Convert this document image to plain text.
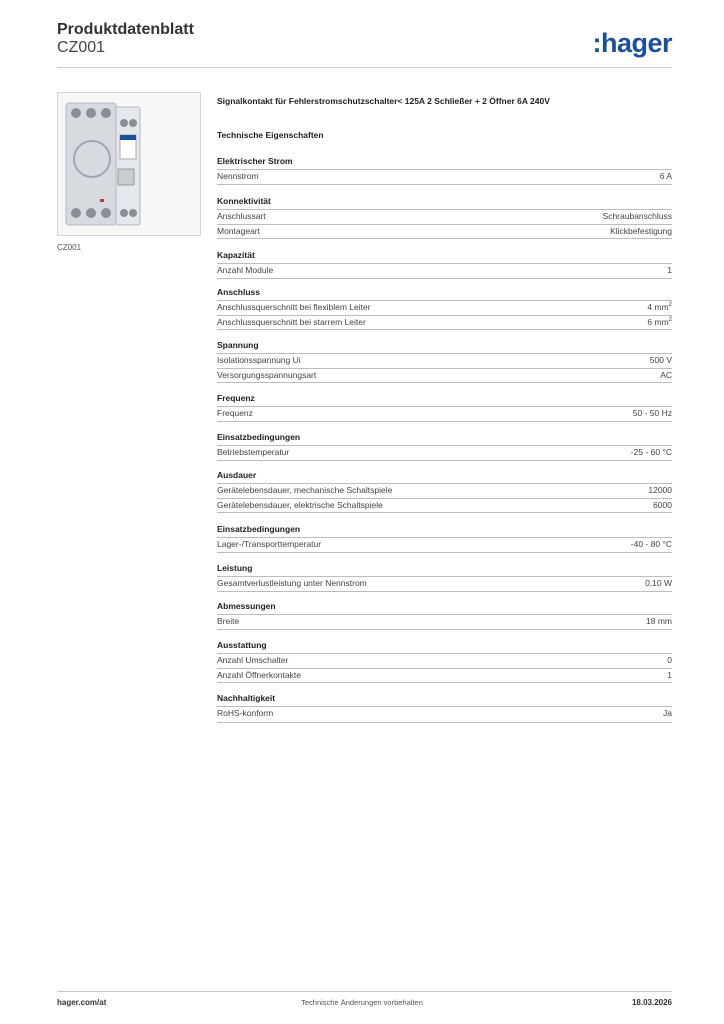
Produktdatenblatt
CZ001	:hager
CZ001
Signalkontakt für Fehlerstromschutzschalter< 125A 2 Schließer + 2 Öffner 6A 240V
Technische Eigenschaften
Elektrischer Strom
Nennstrom	6 A
Konnektivität
Anschlussart	Schraubanschluss
Montageart	Klickbefestigung
Kapazität
Anzahl Module	1
Anschluss
Anschlussquerschnitt bei flexiblem Leiter	4 $mm^2$
Anschlussquerschnitt bei starrem Leiter	6 $mm^2$
Spannung
Isolationsspannung Ui	500 V
Versorgungsspannungsart	AC
Frequenz
Frequenz	50 - 50 Hz
Einsatzbedingungen
Betriebstemperatur	-25 - 60 °C
Ausdauer
Gerätelebensdauer, mechanische Schaltspiele	12000
Gerätelebensdauer, elektrische Schaltspiele	6000
Einsatzbedingungen
Lager-/Transporttemperatur	-40 - 80 °C
Leistung
Gesamtverlustleistung unter Nennstrom	0,10 W
Abmessungen
Breite	18 mm
Ausstattung
Anzahl Umschalter	0
Anzahl Öffnerkontakte	1
Nachhaltigkeit
RoHS-konform	Ja
hager.com/at	Technische Änderungen vorbehalten	18.03.2026
